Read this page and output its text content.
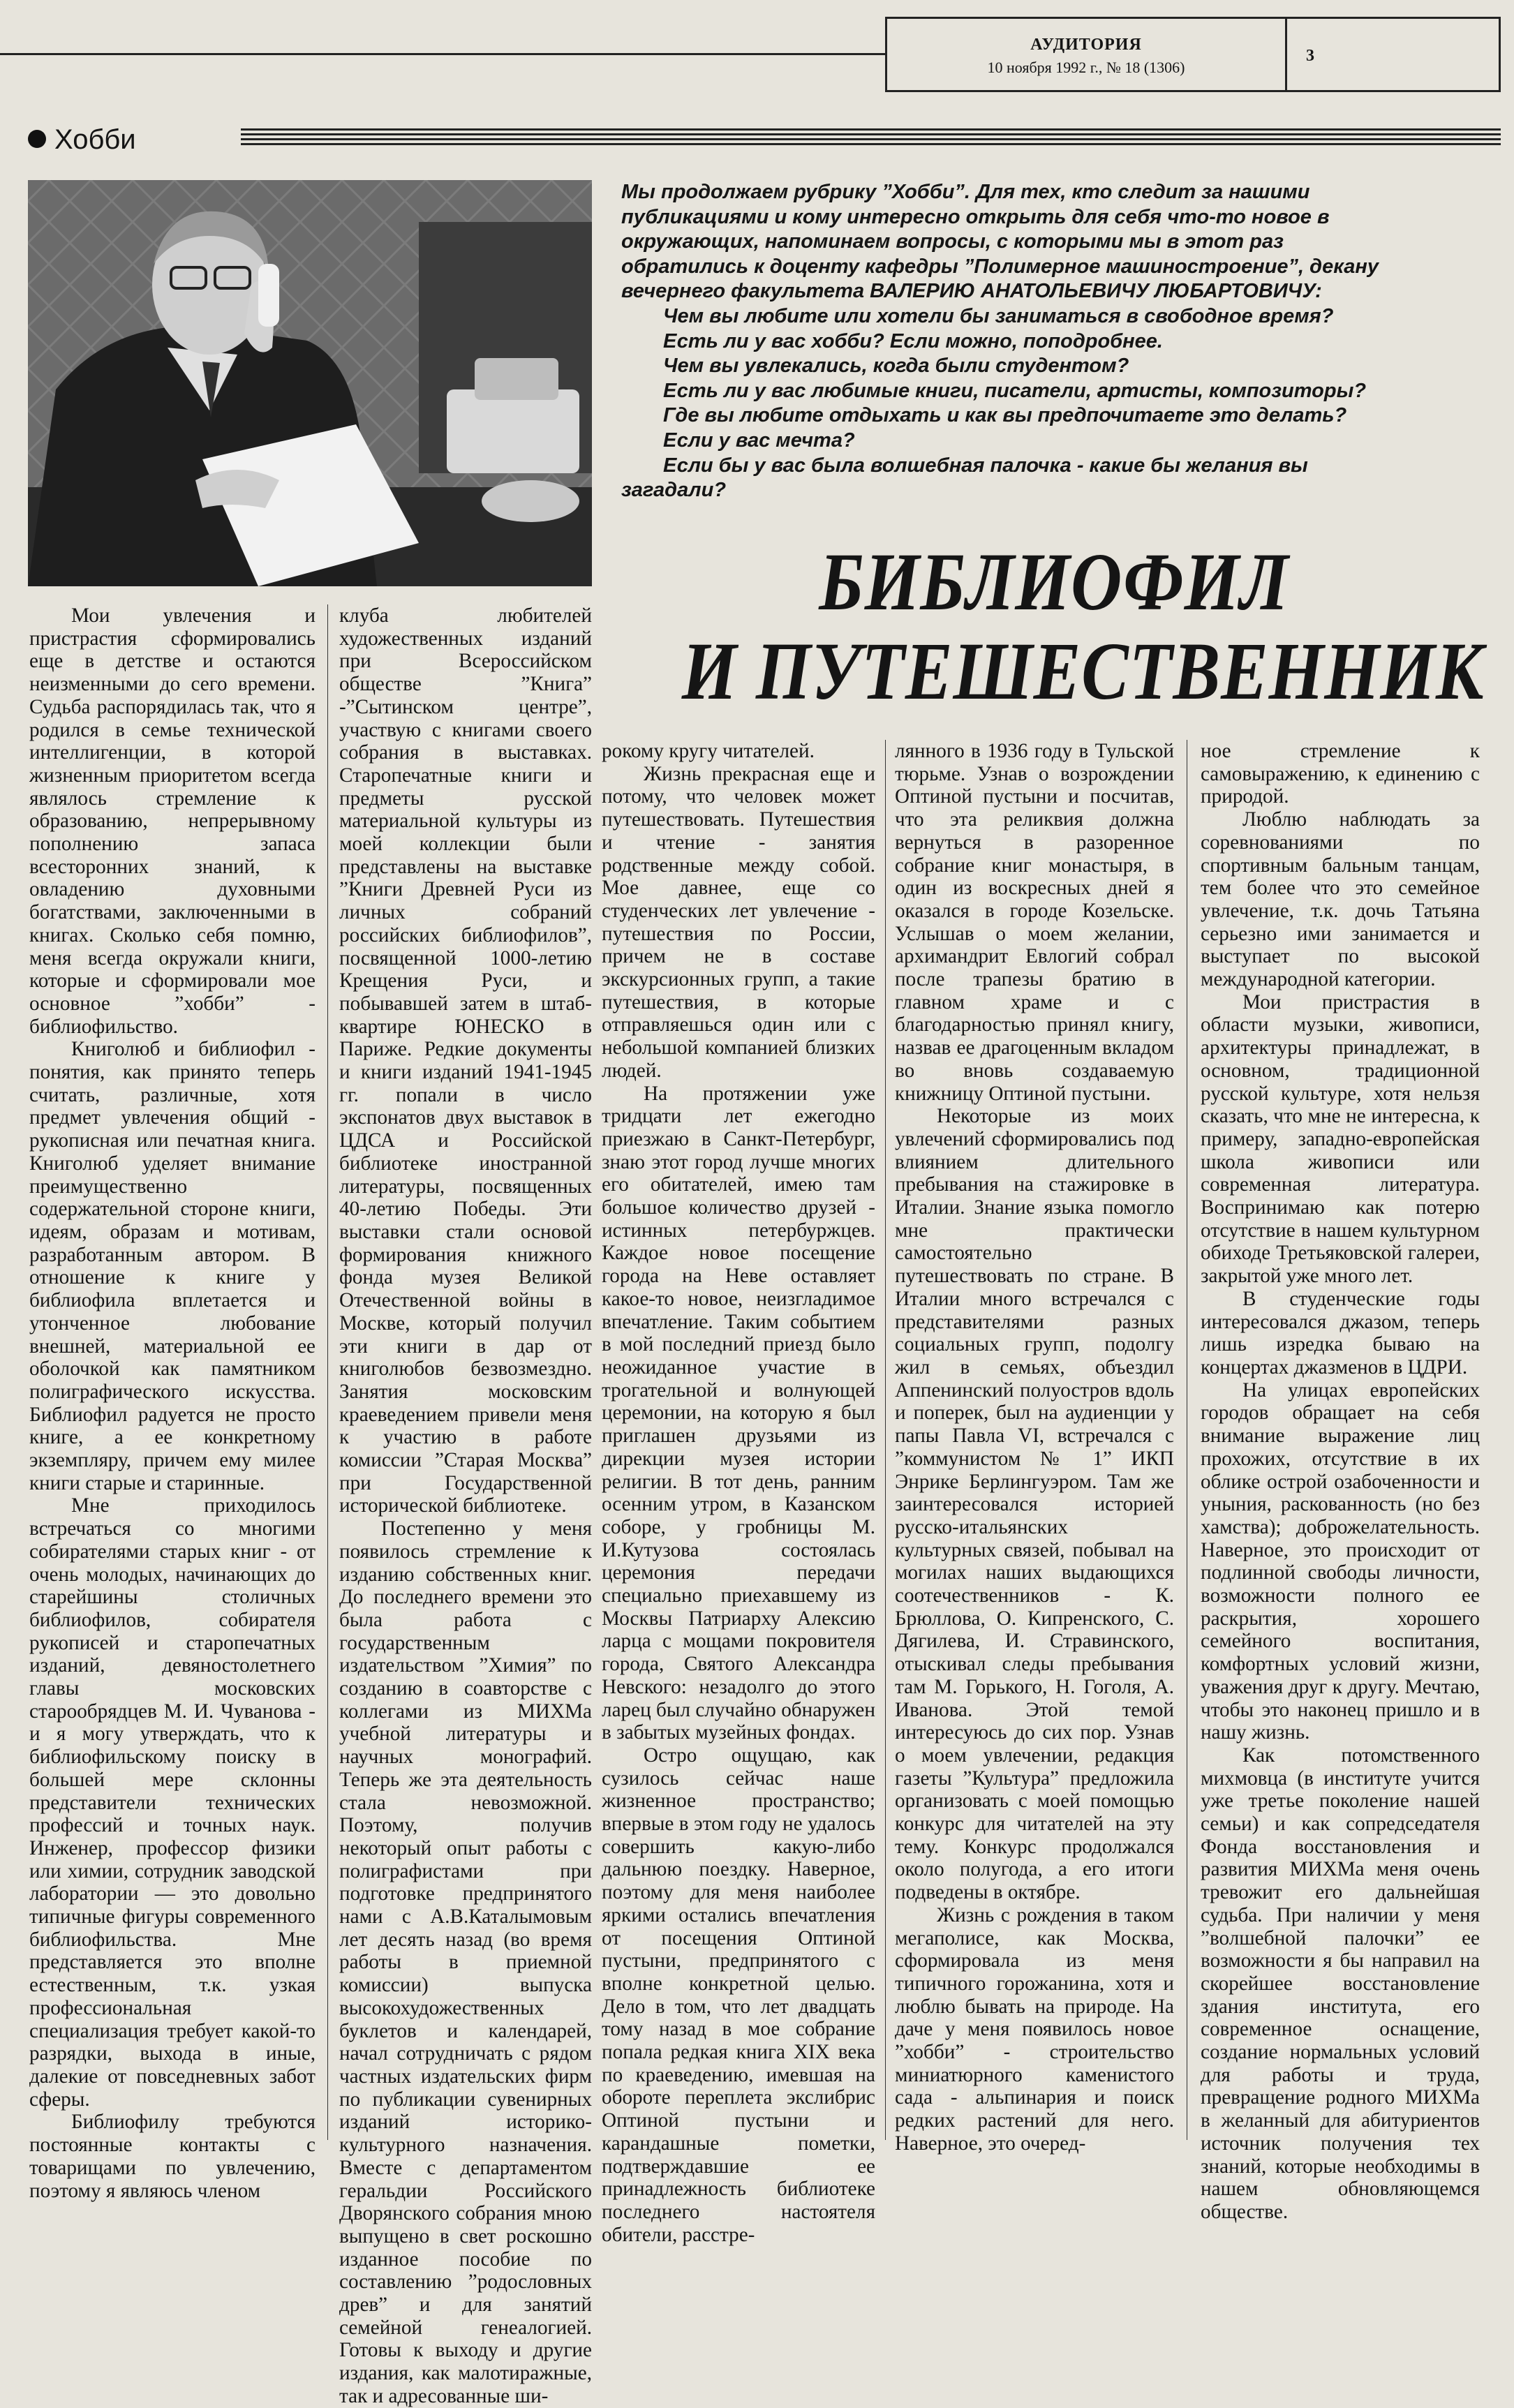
АУДИТОРИЯ
10 ноября 1992 г., № 18 (1306)
3
Хобби

Мы продолжаем рубрику ”Хобби”. Для тех, кто следит за нашими публикациями и кому интересно открыть для себя что-то новое в окружающих, напоминаем вопросы, с которыми мы в этот раз обратились к доценту кафедры ”Полимерное машиностроение”, декану вечернего факультета ВАЛЕРИЮ АНАТОЛЬЕВИЧУ ЛЮБАРТОВИЧУ:

Чем вы любите или хотели бы заниматься в свободное время?

Есть ли у вас хобби? Если можно, поподробнее.

Чем вы увлекались, когда были студентом?

Есть ли у вас любимые книги, писатели, артисты, композиторы?

Где вы любите отдыхать и как вы предпочитаете это делать?

Если у вас мечта?

Если бы у вас была волшебная палочка - какие бы желания вы загадали?

БИБЛИОФИЛ
И ПУТЕШЕСТВЕННИК

Мои увлечения и пристрастия сформировались еще в детстве и остаются неизменными до сего времени. Судьба распорядилась так, что я родился в семье технической интеллигенции, в которой жизненным приоритетом всегда являлось стремление к образованию, непрерывному пополнению запаса всесторонних знаний, к овладению духовными богатствами, заключенными в книгах. Сколько себя помню, меня всегда окружали книги, которые и сформировали мое основное ”хобби” - библиофильство.

Книголюб и библиофил - понятия, как принято теперь считать, различные, хотя предмет увлечения общий - рукописная или печатная книга. Книголюб уделяет внимание преимущественно содержательной стороне книги, идеям, образам и мотивам, разработанным автором. В отношение к книге у библиофила вплетается и утонченное любование внешней, материальной ее оболочкой как памятником полиграфического искусства. Библиофил радуется не просто книге, а ее конкретному экземпляру, причем ему милее книги старые и старинные.

Мне приходилось встречаться со многими собирателями старых книг - от очень молодых, начинающих до старейшины столичных библиофилов, собирателя рукописей и старопечатных изданий, девяностолетнего главы московских старообрядцев М. И. Чуванова - и я могу утверждать, что к библиофильскому поиску в большей мере склонны представители технических профессий и точных наук. Инженер, профессор физики или химии, сотрудник заводской лаборатории — это довольно типичные фигуры современного библиофильства. Мне представляется это вполне естественным, т.к. узкая профессиональная специализация требует какой-то разрядки, выхода в иные, далекие от повседневных забот сферы.

Библиофилу требуются постоянные контакты с товарищами по увлечению, поэтому я являюсь членом

клуба любителей художественных изданий при Всероссийском обществе ”Книга” -”Сытинском центре”, участвую с книгами своего собрания в выставках. Старопечатные книги и предметы русской материальной культуры из моей коллекции были представлены на выставке ”Книги Древней Руси из личных собраний российских библиофилов”, посвященной 1000-летию Крещения Руси, и побывавшей затем в штаб-квартире ЮНЕСКО в Париже. Редкие документы и книги изданий 1941-1945 гг. попали в число экспонатов двух выставок в ЦДСА и Российской библиотеке иностранной литературы, посвященных 40-летию Победы. Эти выставки стали основой формирования книжного фонда музея Великой Отечественной войны в Москве, который получил эти книги в дар от книголюбов безвозмездно. Занятия московским краеведением привели меня к участию в работе комиссии ”Старая Москва” при Государственной исторической библиотеке.

Постепенно у меня появилось стремление к изданию собственных книг. До последнего времени это была работа с государственным издательством ”Химия” по созданию в соавторстве с коллегами из МИХМа учебной литературы и научных монографий. Теперь же эта деятельность стала невозможной. Поэтому, получив некоторый опыт работы с полиграфистами при подготовке предпринятого нами с А.В.Каталымовым лет десять назад (во время работы в приемной комиссии) выпуска высокохудожественных буклетов и календарей, начал сотрудничать с рядом частных издательских фирм по публикации сувенирных изданий историко-культурного назначения. Вместе с департаментом геральдии Российского Дворянского собрания мною выпущено в свет роскошно изданное пособие по составлению ”родословных древ” и для занятий семейной генеалогией. Готовы к выходу и другие издания, как малотиражные, так и адресованные ши-

рокому кругу читателей.

Жизнь прекрасная еще и потому, что человек может путешествовать. Путешествия и чтение - занятия родственные между собой. Мое давнее, еще со студенческих лет увлечение - путешествия по России, причем не в составе экскурсионных групп, а такие путешествия, в которые отправляешься один или с небольшой компанией близких людей.

На протяжении уже тридцати лет ежегодно приезжаю в Санкт-Петербург, знаю этот город лучше многих его обитателей, имею там большое количество друзей - истинных петербуржцев. Каждое новое посещение города на Неве оставляет какое-то новое, неизгладимое впечатление. Таким событием в мой последний приезд было неожиданное участие в трогательной и волнующей церемонии, на которую я был приглашен друзьями из дирекции музея истории религии. В тот день, ранним осенним утром, в Казанском соборе, у гробницы М. И.Кутузова состоялась церемония передачи специально приехавшему из Москвы Патриарху Алексию ларца с мощами покровителя города, Святого Александра Невского: незадолго до этого ларец был случайно обнаружен в забытых музейных фондах.

Остро ощущаю, как сузилось сейчас наше жизненное пространство; впервые в этом году не удалось совершить какую-либо дальнюю поездку. Наверное, поэтому для меня наиболее яркими остались впечатления от посещения Оптиной пустыни, предпринятого с вполне конкретной целью. Дело в том, что лет двадцать тому назад в мое собрание попала редкая книга XIX века по краеведению, имевшая на обороте переплета экслибрис Оптиной пустыни и карандашные пометки, подтверждавшие ее принадлежность библиотеке последнего настоятеля обители, расстре-

лянного в 1936 году в Тульской тюрьме. Узнав о возрождении Оптиной пустыни и посчитав, что эта реликвия должна вернуться в разоренное собрание книг монастыря, в один из воскресных дней я оказался в городе Козельске. Услышав о моем желании, архимандрит Евлогий собрал после трапезы братию в главном храме и с благодарностью принял книгу, назвав ее драгоценным вкладом во вновь создаваемую книжницу Оптиной пустыни.

Некоторые из моих увлечений сформировались под влиянием длительного пребывания на стажировке в Италии. Знание языка помогло мне практически самостоятельно путешествовать по стране. В Италии много встречался с представителями разных социальных групп, подолгу жил в семьях, объездил Аппенинский полуостров вдоль и поперек, был на аудиенции у папы Павла VI, встречался с ”коммунистом № 1” ИКП Энрике Берлингуэром. Там же заинтересовался историей русско-итальянских культурных связей, побывал на могилах наших выдающихся соотечественников - К. Брюллова, О. Кипренского, С. Дягилева, И. Стравинского, отыскивал следы пребывания там М. Горького, Н. Гоголя, А. Иванова. Этой темой интересуюсь до сих пор. Узнав о моем увлечении, редакция газеты ”Культура” предложила организовать с моей помощью конкурс для читателей на эту тему. Конкурс продолжался около полугода, а его итоги подведены в октябре.

Жизнь с рождения в таком мегаполисе, как Москва, сформировала из меня типичного горожанина, хотя и люблю бывать на природе. На даче у меня появилось новое ”хобби” - строительство миниатюрного каменистого сада - альпинария и поиск редких растений для него. Наверное, это очеред-

ное стремление к самовыражению, к единению с природой.

Люблю наблюдать за соревнованиями по спортивным бальным танцам, тем более что это семейное увлечение, т.к. дочь Татьяна серьезно ими занимается и выступает по высокой международной категории.

Мои пристрастия в области музыки, живописи, архитектуры принадлежат, в основном, традиционной русской культуре, хотя нельзя сказать, что мне не интересна, к примеру, западно-европейская школа живописи или современная литература. Воспринимаю как потерю отсутствие в нашем культурном обиходе Третьяковской галереи, закрытой уже много лет.

В студенческие годы интересовался джазом, теперь лишь изредка бываю на концертах джазменов в ЦДРИ.

На улицах европейских городов обращает на себя внимание выражение лиц прохожих, отсутствие в их облике острой озабоченности и уныния, раскованность (но без хамства); доброжелательность. Наверное, это происходит от подлинной свободы личности, возможности полного ее раскрытия, хорошего семейного воспитания, комфортных условий жизни, уважения друг к другу. Мечтаю, чтобы это наконец пришло и в нашу жизнь.

Как потомственного михмовца (в институте учится уже третье поколение нашей семьи) и как сопредседателя Фонда восстановления и развития МИХМа меня очень тревожит его дальнейшая судьба. При наличии у меня ”волшебной палочки” ее возможности я бы направил на скорейшее восстановление здания института, его современное оснащение, создание нормальных условий для работы и труда, превращение родного МИХМа в желанный для абитуриентов источник получения тех знаний, которые необходимы в нашем обновляющемся обществе.
